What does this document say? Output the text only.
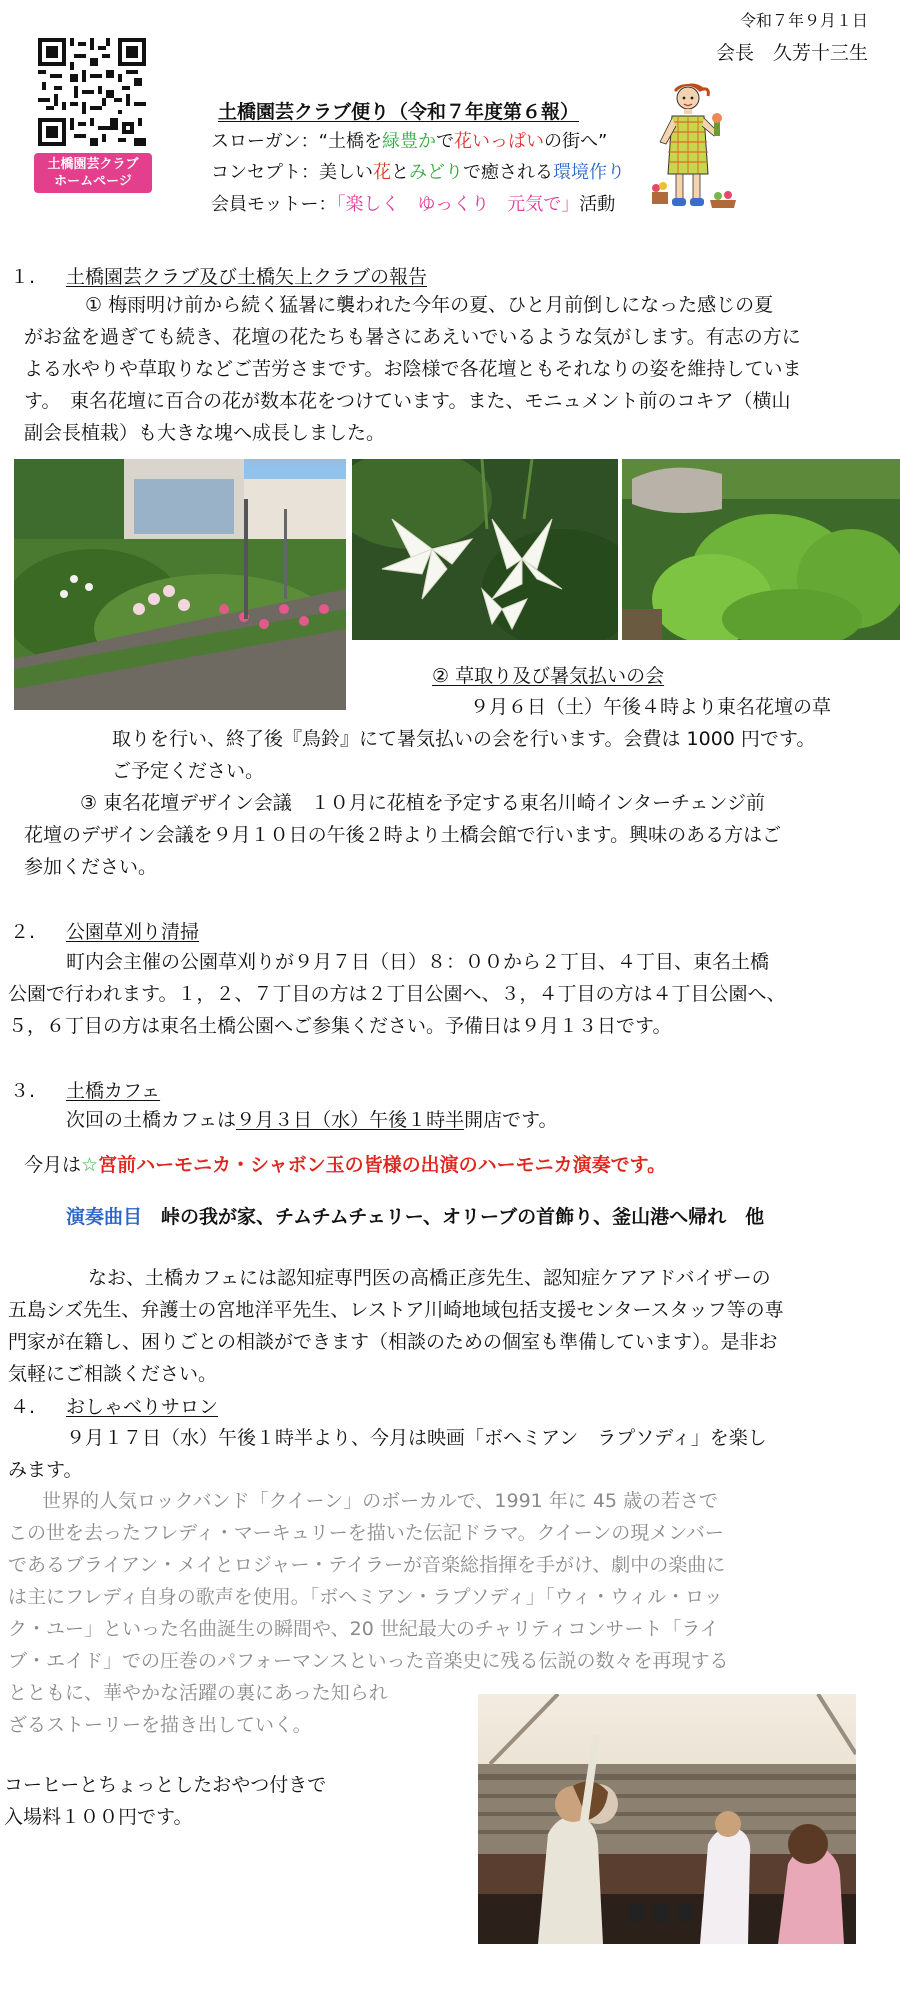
土橋園芸クラブ
ホームページ
令和７年９月１日
会長　久芳十三生
土橋園芸クラブ便り（令和７年度第６報）
スローガン：“土橋を緑豊かで花いっぱいの街へ”
コンセプト：美しい花とみどりで癒される環境作り
会員モットー：「楽しく　ゆっくり　元気で」活動
１. 土橋園芸クラブ及び土橋矢上クラブの報告
　① 梅雨明け前から続く猛暑に襲われた今年の夏、ひと月前倒しになった感じの夏
がお盆を過ぎても続き、花壇の花たちも暑さにあえいでいるような気がします。有志の方に
よる水やりや草取りなどご苦労さまです。お陰様で各花壇ともそれなりの姿を維持していま
す。　東名花壇に百合の花が数本花をつけています。また、モニュメント前のコキア（横山
副会長植栽）も大きな塊へ成長しました。
② 草取り及び暑気払いの会
９月６日（土）午後４時より東名花壇の草
取りを行い、終了後『鳥鈴』にて暑気払いの会を行います。会費は 1000 円です。
ご予定ください。
③ 東名花壇デザイン会議　１０月に花植を予定する東名川崎インターチェンジ前
花壇のデザイン会議を９月１０日の午後２時より土橋会館で行います。興味のある方はご
参加ください。
２. 公園草刈り清掃
町内会主催の公園草刈りが９月７日（日）８：００から２丁目、４丁目、東名土橋
公園で行われます。１，２、７丁目の方は２丁目公園へ、３，４丁目の方は４丁目公園へ、
５，６丁目の方は東名土橋公園へご参集ください。予備日は９月１３日です。
３. 土橋カフェ
次回の土橋カフェは９月３日（水）午後１時半開店です。
今月は☆宮前ハーモニカ・シャボン玉の皆様の出演のハーモニカ演奏です。
演奏曲目　 峠の我が家、チムチムチェリー、オリーブの首飾り、釜山港へ帰れ　他
なお、土橋カフェには認知症専門医の高橋正彦先生、認知症ケアアドバイザーの
五島シズ先生、弁護士の宮地洋平先生、レストア川崎地域包括支援センタースタッフ等の専
門家が在籍し、困りごとの相談ができます（相談のための個室も準備しています）。是非お
気軽にご相談ください。
４. おしゃべりサロン
９月１７日（水）午後１時半より、今月は映画「ボヘミアン　ラプソディ」を楽し
みます。
世界的人気ロックバンド「クイーン」のボーカルで、1991 年に 45 歳の若さで
この世を去ったフレディ・マーキュリーを描いた伝記ドラマ。クイーンの現メンバー
であるブライアン・メイとロジャー・テイラーが音楽総指揮を手がけ、劇中の楽曲に
は主にフレディ自身の歌声を使用。「ボヘミアン・ラプソディ」「ウィ・ウィル・ロッ
ク・ユー」といった名曲誕生の瞬間や、20 世紀最大のチャリティコンサート「ライ
ブ・エイド」での圧巻のパフォーマンスといった音楽史に残る伝説の数々を再現する
とともに、華やかな活躍の裏にあった知られ
ざるストーリーを描き出していく。
コーヒーとちょっとしたおやつ付きで
入場料１００円です。
